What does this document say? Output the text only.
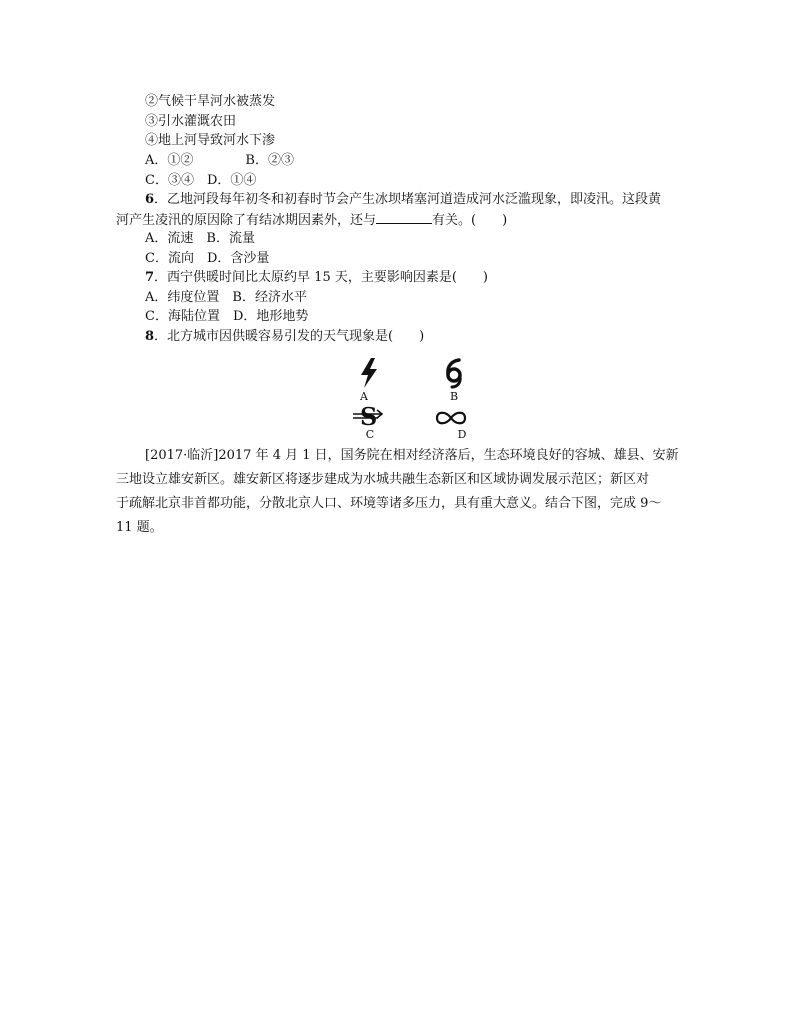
②气候干旱河水被蒸发
③引水灌溉农田
④地上河导致河水下渗
A．①②　　　　B．②③
C．③④　D．①④
6．乙地河段每年初冬和初春时节会产生冰坝堵塞河道造成河水泛滥现象，即凌汛。这段黄
河产生凌汛的原因除了有结冰期因素外，还与	有关。(　　)
A．流速　B．流量
C．流向　D．含沙量
7．西宁供暖时间比太原约早 15 天，主要影响因素是(　　)
A．纬度位置　B．经济水平
C．海陆位置　D．地形地势
8．北方城市因供暖容易引发的天气现象是(　　)
A	B
S
C	D
[2017·临沂]2017 年 4 月 1 日，国务院在相对经济落后，生态环境良好的容城、雄县、安新
三地设立雄安新区。雄安新区将逐步建成为水城共融生态新区和区域协调发展示范区；新区对
于疏解北京非首都功能，分散北京人口、环境等诸多压力，具有重大意义。结合下图，完成 9～
11 题。
